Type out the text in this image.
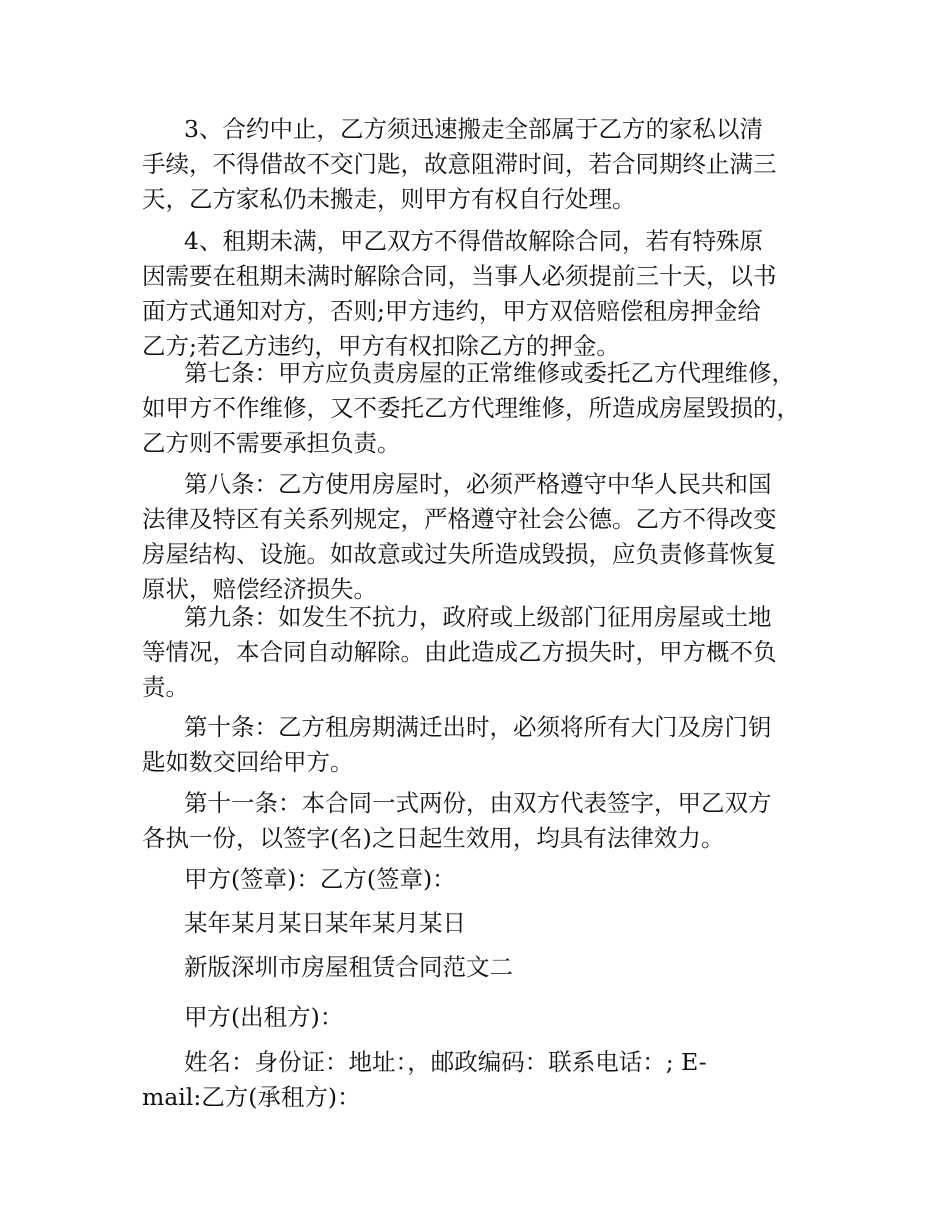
3、合约中止，乙方须迅速搬走全部属于乙方的家私以清
手续，不得借故不交门匙，故意阻滞时间，若合同期终止满三
天，乙方家私仍未搬走，则甲方有权自行处理。
4、租期未满，甲乙双方不得借故解除合同，若有特殊原
因需要在租期未满时解除合同，当事人必须提前三十天，以书
面方式通知对方，否则;甲方违约，甲方双倍赔偿租房押金给
乙方;若乙方违约，甲方有权扣除乙方的押金。
第七条：甲方应负责房屋的正常维修或委托乙方代理维修，
如甲方不作维修，又不委托乙方代理维修，所造成房屋毁损的，
乙方则不需要承担负责。
第八条：乙方使用房屋时，必须严格遵守中华人民共和国
法律及特区有关系列规定，严格遵守社会公德。乙方不得改变
房屋结构、设施。如故意或过失所造成毁损，应负责修葺恢复
原状，赔偿经济损失。
第九条：如发生不抗力，政府或上级部门征用房屋或土地
等情况，本合同自动解除。由此造成乙方损失时，甲方概不负
责。
第十条：乙方租房期满迁出时，必须将所有大门及房门钥
匙如数交回给甲方。
第十一条：本合同一式两份，由双方代表签字，甲乙双方
各执一份，以签字(名)之日起生效用，均具有法律效力。
甲方(签章)：乙方(签章)：
某年某月某日某年某月某日
新版深圳市房屋租赁合同范文二
甲方(出租方)：
姓名：身份证：地址：，邮政编码：联系电话：; E-
mail:乙方(承租方)：
